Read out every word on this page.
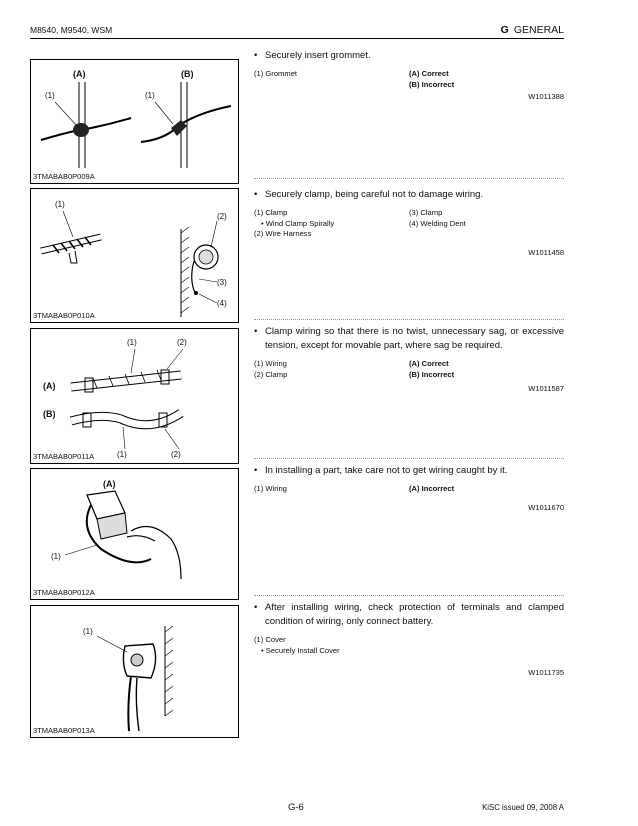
M8540, M9540, WSM	G GENERAL
(A)	(B)
(1)	(1)
3TMABAB0P009A
(1)
(2)
(3)
(4)
3TMABAB0P010A
(1)	(2)
(A)
(B)
(1)	(2)
3TMABAB0P011A
(A)
(1)
3TMABAB0P012A
(1)
3TMABAB0P013A
• Securely insert grommet.
(1) Grommet	(A) Correct
(B) Incorrect
W1011388
• Securely clamp, being careful not to damage wiring.
(1) Clamp
• Wind Clamp Spirally
(2) Wire Harness
(3) Clamp
(4) Welding Dent
W1011458
• Clamp wiring so that there is no twist, unnecessary sag, or excessive tension, except for movable part, where sag be required.
(1) Wiring
(2) Clamp
(A) Correct
(B) Incorrect
W1011587
• In installing a part, take care not to get wiring caught by it.
(1) Wiring	(A) Incorrect
W1011670
• After installing wiring, check protection of terminals and clamped condition of wiring, only connect battery.
(1) Cover
• Securely Install Cover
W1011735
G-6	KiSC issued 09, 2008 A
